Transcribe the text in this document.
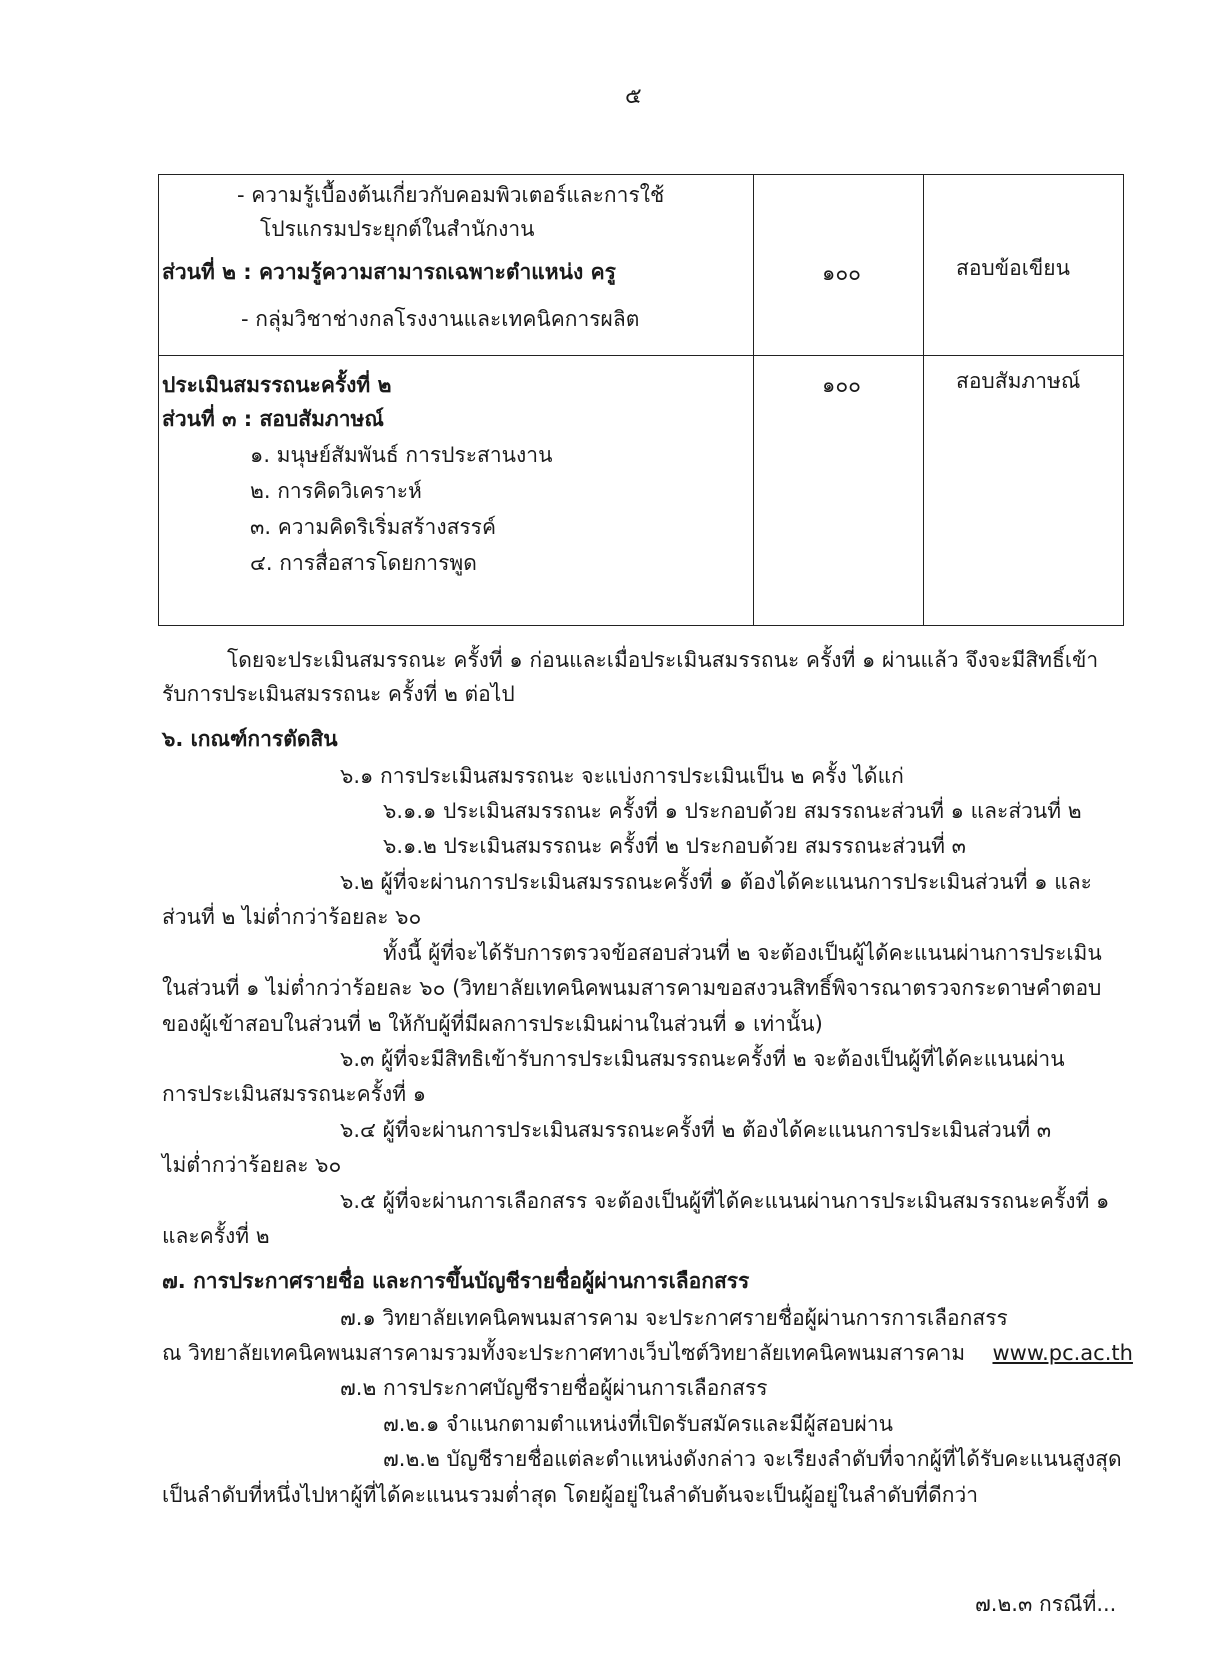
๕
- ความรู้เบื้องต้นเกี่ยวกับคอมพิวเตอร์และการใช้
โปรแกรมประยุกต์ในสำนักงาน
ส่วนที่ ๒ : ความรู้ความสามารถเฉพาะตำแหน่ง ครู
- กลุ่มวิชาช่างกลโรงงานและเทคนิคการผลิต
๑๐๐	สอบข้อเขียน
ประเมินสมรรถนะครั้งที่ ๒
ส่วนที่ ๓ : สอบสัมภาษณ์
๑. มนุษย์สัมพันธ์ การประสานงาน
๒. การคิดวิเคราะห์
๓. ความคิดริเริ่มสร้างสรรค์
๔. การสื่อสารโดยการพูด
๑๐๐	สอบสัมภาษณ์
โดยจะประเมินสมรรถนะ ครั้งที่ ๑ ก่อนและเมื่อประเมินสมรรถนะ ครั้งที่ ๑ ผ่านแล้ว จึงจะมีสิทธิ์เข้า
รับการประเมินสมรรถนะ ครั้งที่ ๒ ต่อไป
๖. เกณฑ์การตัดสิน
๖.๑ การประเมินสมรรถนะ จะแบ่งการประเมินเป็น ๒ ครั้ง ได้แก่
๖.๑.๑ ประเมินสมรรถนะ ครั้งที่ ๑ ประกอบด้วย สมรรถนะส่วนที่ ๑ และส่วนที่ ๒
๖.๑.๒ ประเมินสมรรถนะ ครั้งที่ ๒ ประกอบด้วย สมรรถนะส่วนที่ ๓
๖.๒ ผู้ที่จะผ่านการประเมินสมรรถนะครั้งที่ ๑ ต้องได้คะแนนการประเมินส่วนที่ ๑ และ
ส่วนที่ ๒ ไม่ต่ำกว่าร้อยละ ๖๐
ทั้งนี้ ผู้ที่จะได้รับการตรวจข้อสอบส่วนที่ ๒ จะต้องเป็นผู้ได้คะแนนผ่านการประเมิน
ในส่วนที่ ๑ ไม่ต่ำกว่าร้อยละ ๖๐ (วิทยาลัยเทคนิคพนมสารคามขอสงวนสิทธิ์พิจารณาตรวจกระดาษคำตอบ
ของผู้เข้าสอบในส่วนที่ ๒ ให้กับผู้ที่มีผลการประเมินผ่านในส่วนที่ ๑ เท่านั้น)
๖.๓ ผู้ที่จะมีสิทธิเข้ารับการประเมินสมรรถนะครั้งที่ ๒ จะต้องเป็นผู้ที่ได้คะแนนผ่าน
การประเมินสมรรถนะครั้งที่ ๑
๖.๔ ผู้ที่จะผ่านการประเมินสมรรถนะครั้งที่ ๒ ต้องได้คะแนนการประเมินส่วนที่ ๓
ไม่ต่ำกว่าร้อยละ ๖๐
๖.๕ ผู้ที่จะผ่านการเลือกสรร จะต้องเป็นผู้ที่ได้คะแนนผ่านการประเมินสมรรถนะครั้งที่ ๑
และครั้งที่ ๒
๗. การประกาศรายชื่อ และการขึ้นบัญชีรายชื่อผู้ผ่านการเลือกสรร
๗.๑ วิทยาลัยเทคนิคพนมสารคาม จะประกาศรายชื่อผู้ผ่านการการเลือกสรร
ณ วิทยาลัยเทคนิคพนมสารคามรวมทั้งจะประกาศทางเว็บไซต์วิทยาลัยเทคนิคพนมสารคาม www.pc.ac.th
๗.๒ การประกาศบัญชีรายชื่อผู้ผ่านการเลือกสรร
๗.๒.๑ จำแนกตามตำแหน่งที่เปิดรับสมัครและมีผู้สอบผ่าน
๗.๒.๒ บัญชีรายชื่อแต่ละตำแหน่งดังกล่าว จะเรียงลำดับที่จากผู้ที่ได้รับคะแนนสูงสุด
เป็นลำดับที่หนึ่งไปหาผู้ที่ได้คะแนนรวมต่ำสุด โดยผู้อยู่ในลำดับต้นจะเป็นผู้อยู่ในลำดับที่ดีกว่า
๗.๒.๓ กรณีที่...
